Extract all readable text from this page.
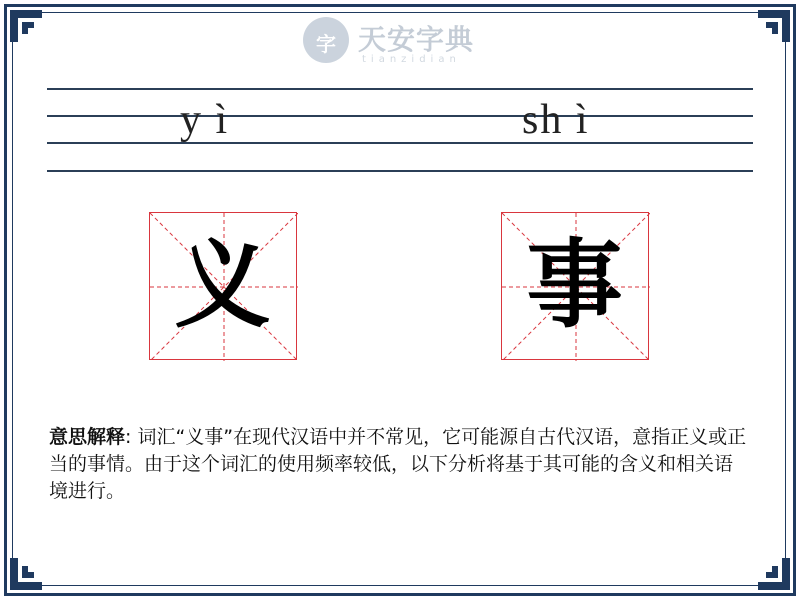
字 天安字典
tianzidian
y ì	sh ì
义	事
意思解释: 词汇“义事”在现代汉语中并不常见，它可能源自古代汉语，意指正义或正当的事情。由于这个词汇的使用频率较低，以下分析将基于其可能的含义和相关语境进行。
